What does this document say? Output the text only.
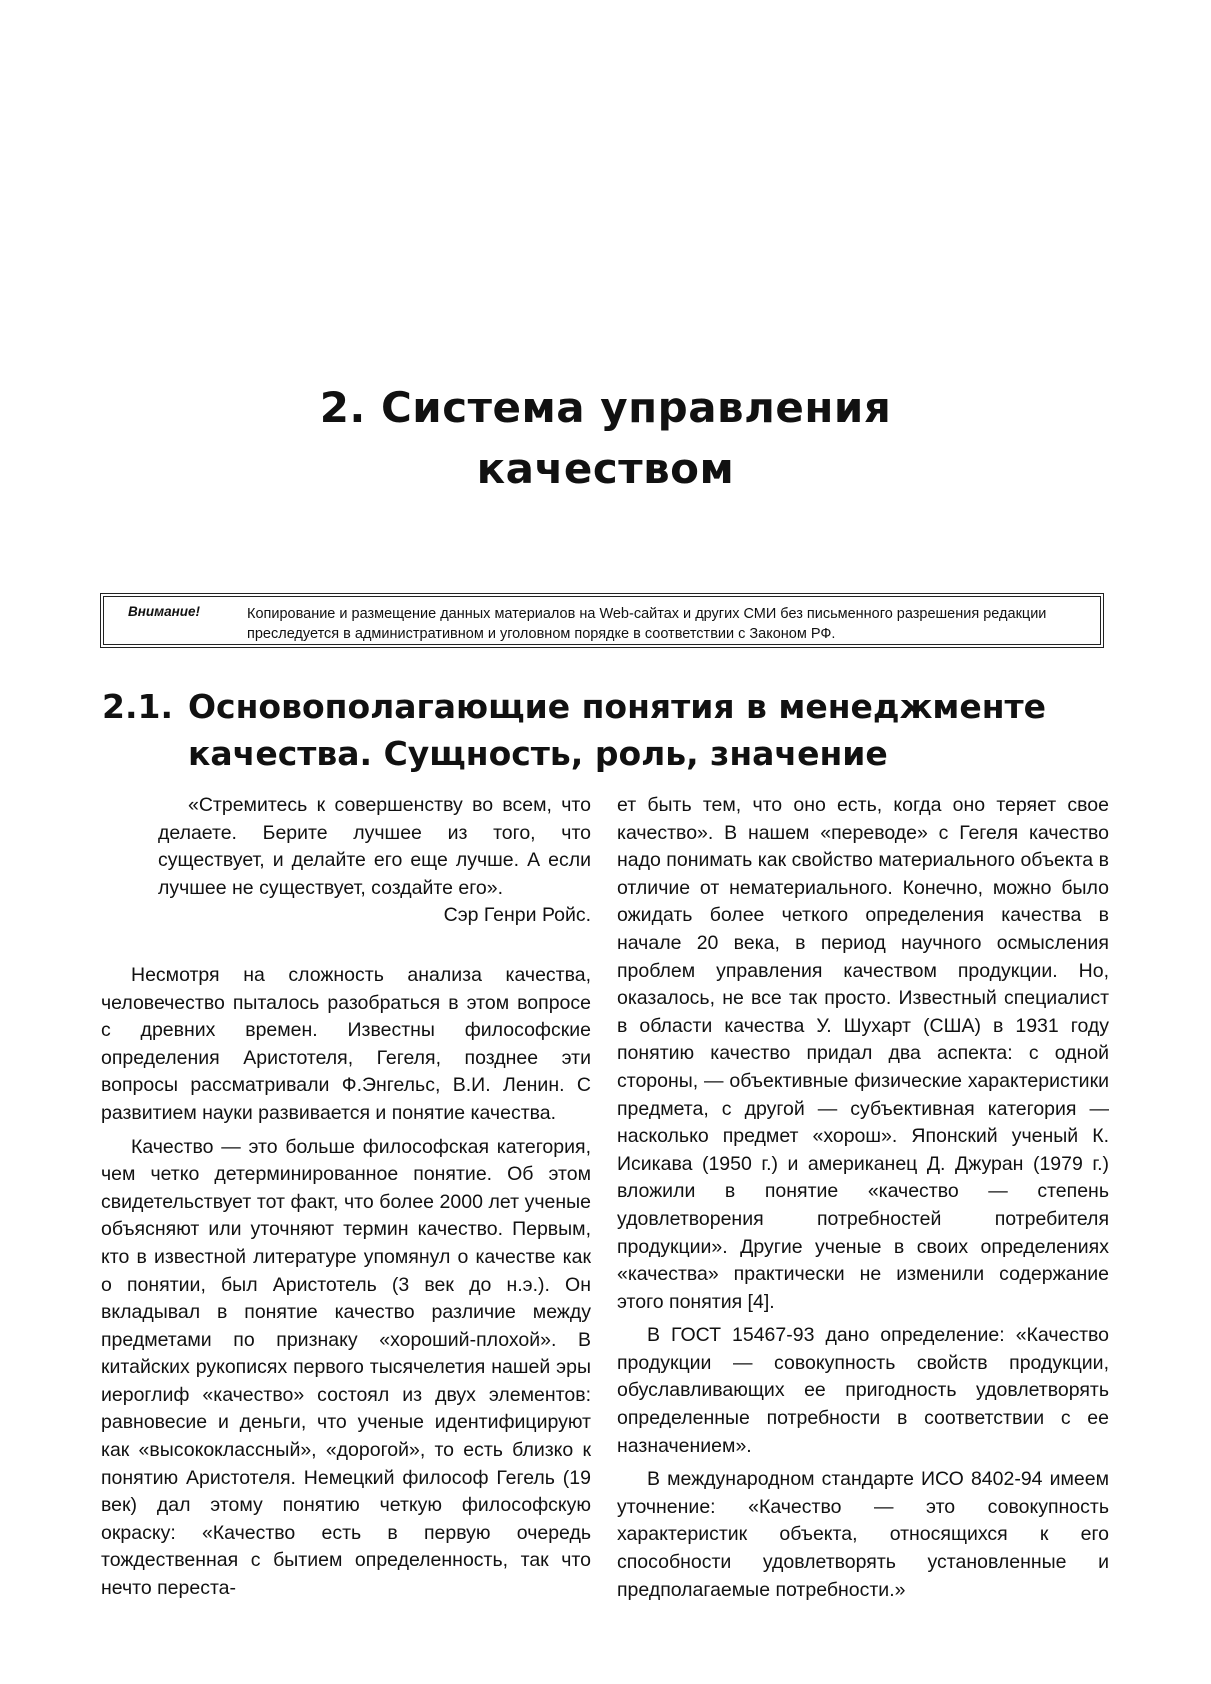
2. Система управления
качеством
Внимание!	Копирование и размещение данных материалов на Web-сайтах и других СМИ без письменного разрешения редакции преследуется в административном и уголовном порядке в соответствии с Законом РФ.
2.1. Основополагающие понятия в менеджменте
качества. Сущность, роль, значение

«Стремитесь к совершенству во всем, что делаете. Берите лучшее из того, что существует, и делайте его еще лучше. А если лучшее не существует, создайте его».

Сэр Генри Ройс.

Несмотря на сложность анализа качества, человечество пыталось разобраться в этом вопросе с древних времен. Известны философские определения Аристотеля, Гегеля, позднее эти вопросы рассматривали Ф.Энгельс, В.И. Ленин. С развитием науки развивается и понятие качества.

Качество — это больше философская категория, чем четко детерминированное понятие. Об этом свидетельствует тот факт, что более 2000 лет ученые объясняют или уточняют термин качество. Первым, кто в известной литературе упомянул о качестве как о понятии, был Аристотель (3 век до н.э.). Он вкладывал в понятие качество различие между предметами по признаку «хороший-плохой». В китайских рукописях первого тысячелетия нашей эры иероглиф «качество» состоял из двух элементов: равновесие и деньги, что ученые идентифицируют как «высококлассный», «дорогой», то есть близко к понятию Аристотеля. Немецкий философ Гегель (19 век) дал этому понятию четкую философскую окраску: «Качество есть в первую очередь тождественная с бытием определенность, так что нечто переста-

ет быть тем, что оно есть, когда оно теряет свое качество». В нашем «переводе» с Гегеля качество надо понимать как свойство материального объекта в отличие от нематериального. Конечно, можно было ожидать более четкого определения качества в начале 20 века, в период научного осмысления проблем управления качеством продукции. Но, оказалось, не все так просто. Известный специалист в области качества У. Шухарт (США) в 1931 году понятию качество придал два аспекта: с одной стороны, — объективные физические характеристики предмета, с другой — субъективная категория — насколько предмет «хорош». Японский ученый К. Исикава (1950 г.) и американец Д. Джуран (1979 г.) вложили в понятие «качество — степень удовлетворения потребностей потребителя продукции». Другие ученые в своих определениях «качества» практически не изменили содержание этого понятия [4].

В ГОСТ 15467-93 дано определение: «Качество продукции — совокупность свойств продукции, обуславливающих ее пригодность удовлетворять определенные потребности в соответствии с ее назначением».

В международном стандарте ИСО 8402-94 имеем уточнение: «Качество — это совокупность характеристик объекта, относящихся к его способности удовлетворять установленные и предполагаемые потребности.»
